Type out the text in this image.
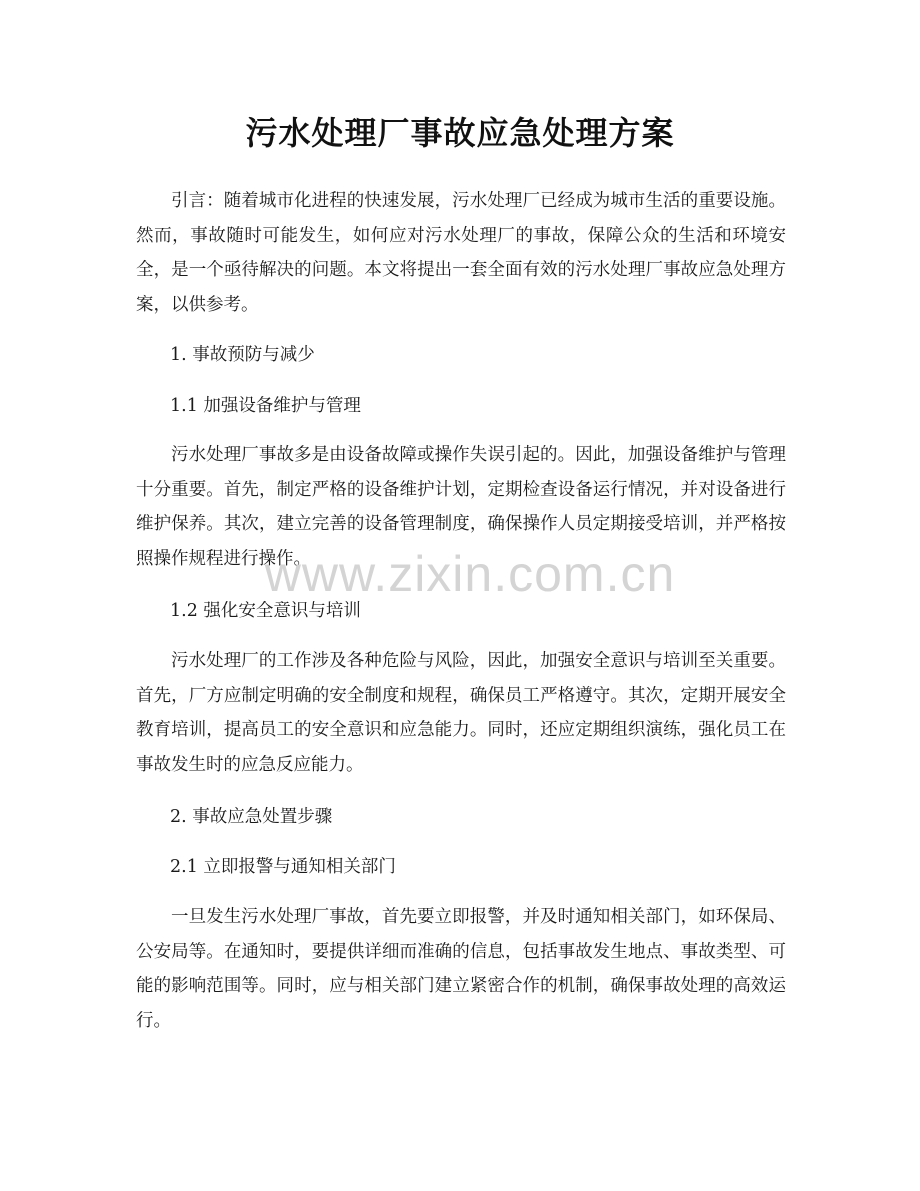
污水处理厂事故应急处理方案

引言：随着城市化进程的快速发展，污水处理厂已经成为城市生活的重要设施。然而，事故随时可能发生，如何应对污水处理厂的事故，保障公众的生活和环境安全，是一个亟待解决的问题。本文将提出一套全面有效的污水处理厂事故应急处理方案，以供参考。

1. 事故预防与减少

1.1 加强设备维护与管理

污水处理厂事故多是由设备故障或操作失误引起的。因此，加强设备维护与管理十分重要。首先，制定严格的设备维护计划，定期检查设备运行情况，并对设备进行维护保养。其次，建立完善的设备管理制度，确保操作人员定期接受培训，并严格按照操作规程进行操作。

1.2 强化安全意识与培训

污水处理厂的工作涉及各种危险与风险，因此，加强安全意识与培训至关重要。首先，厂方应制定明确的安全制度和规程，确保员工严格遵守。其次，定期开展安全教育培训，提高员工的安全意识和应急能力。同时，还应定期组织演练，强化员工在事故发生时的应急反应能力。

2. 事故应急处置步骤

2.1 立即报警与通知相关部门

一旦发生污水处理厂事故，首先要立即报警，并及时通知相关部门，如环保局、公安局等。在通知时，要提供详细而准确的信息，包括事故发生地点、事故类型、可能的影响范围等。同时，应与相关部门建立紧密合作的机制，确保事故处理的高效运行。

www.zixin.com.cn
